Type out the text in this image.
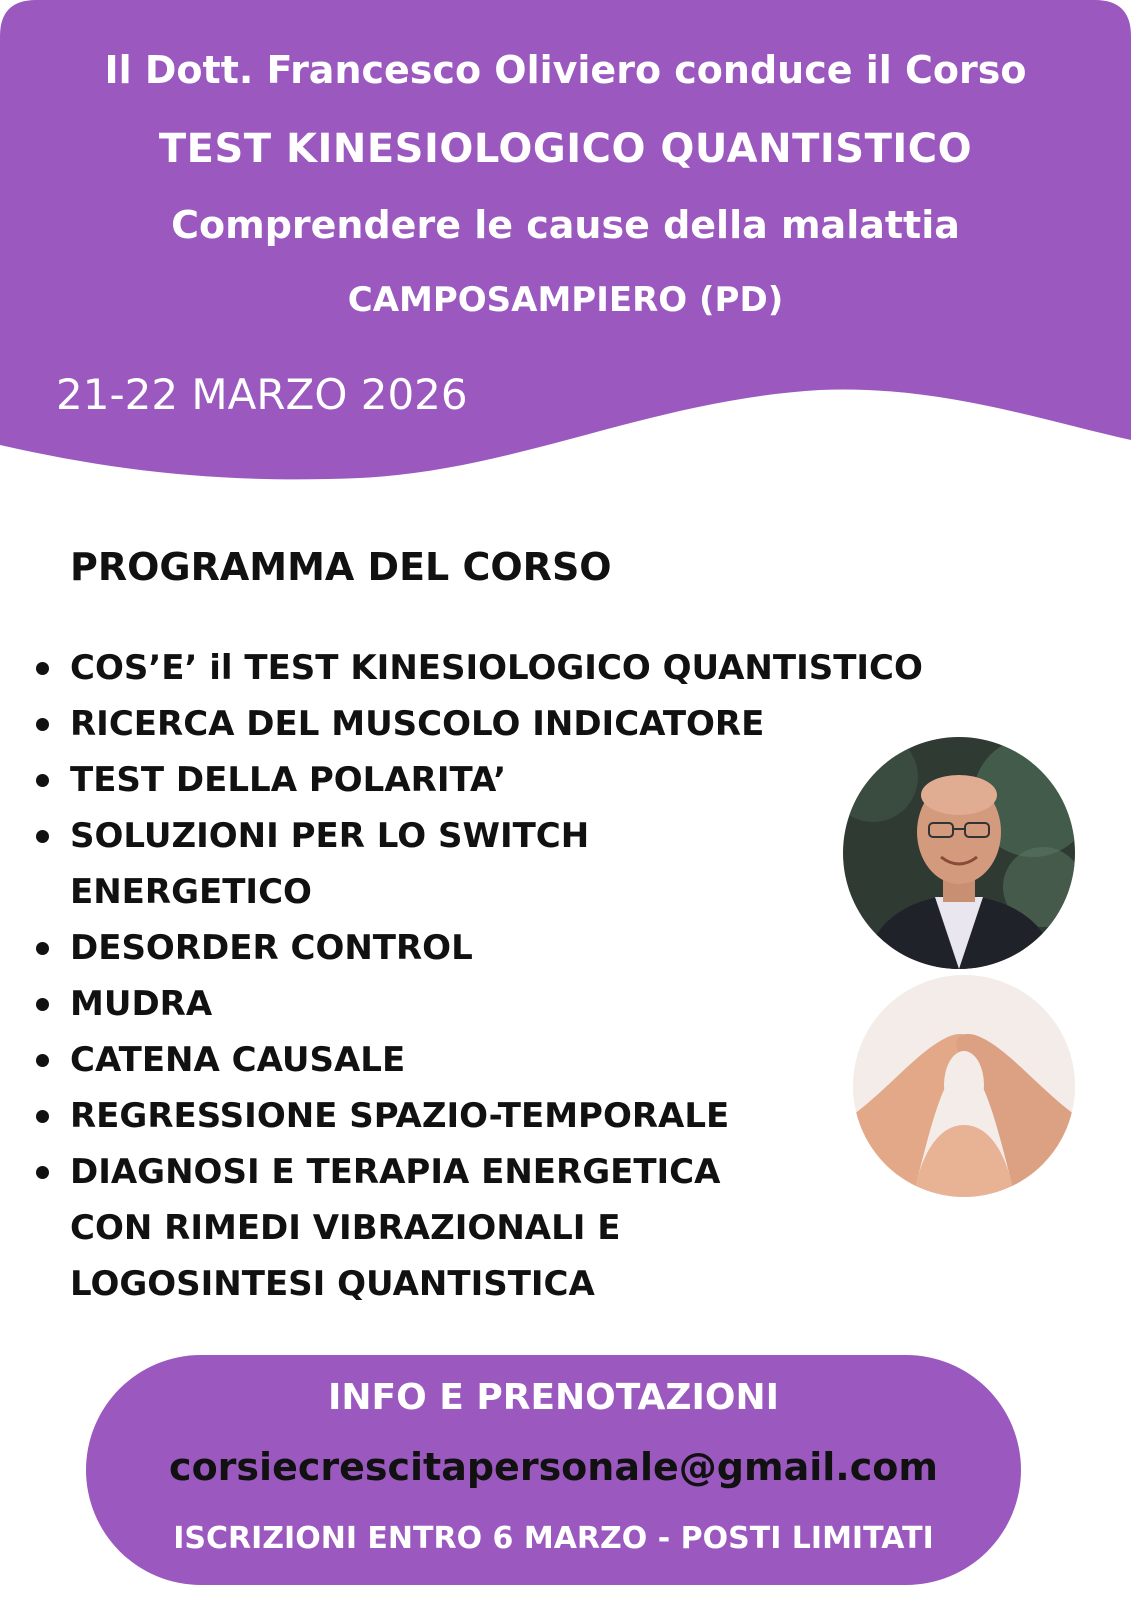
Il Dott. Francesco Oliviero conduce il Corso
TEST KINESIOLOGICO QUANTISTICO
Comprendere le cause della malattia
CAMPOSAMPIERO (PD)
21-22 MARZO 2026
PROGRAMMA DEL CORSO
COS’E’ il TEST KINESIOLOGICO QUANTISTICO
RICERCA DEL MUSCOLO INDICATORE
TEST DELLA POLARITA’
SOLUZIONI PER LO SWITCH
ENERGETICO
DESORDER CONTROL
MUDRA
CATENA CAUSALE
REGRESSIONE SPAZIO-TEMPORALE
DIAGNOSI E TERAPIA ENERGETICA
CON RIMEDI VIBRAZIONALI E
LOGOSINTESI QUANTISTICA
INFO E PRENOTAZIONI
corsiecrescitapersonale@gmail.com
ISCRIZIONI ENTRO 6 MARZO - POSTI LIMITATI
